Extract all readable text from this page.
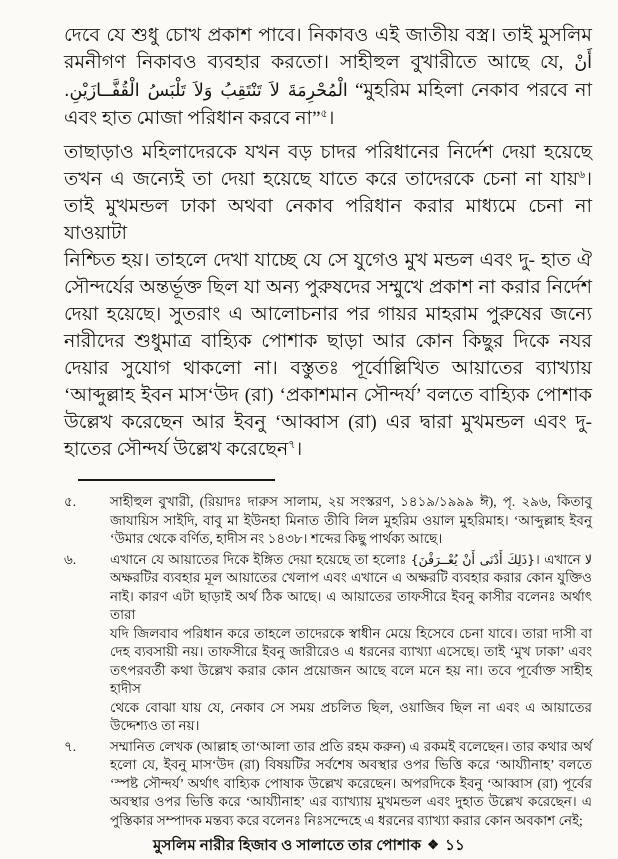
দেবে যে শুধু চোখ প্রকাশ পাবে। নিকাবও এই জাতীয় বস্ত্র। তাই মুসলিম
রমনীগণ নিকাবও ব্যবহার করতো। সাহীহুল বুখারীতে আছে যে, أَنْ
الْمُحْرِمَةَ لاَ تَنْتَقِبُ وَلاَ تَلْبَسُ الْقُفَّــازَيْنِ. “মুহরিম মহিলা নেকাব পরবে না
এবং হাত মোজা পরিধান করবে না”$^৫$।
তাছাড়াও মহিলাদেরকে যখন বড় চাদর পরিধানের নির্দেশ দেয়া হয়েছে
তখন এ জন্যেই তা দেয়া হয়েছে যাতে করে তাদেরকে চেনা না যায়$^৬$।
তাই মুখমন্ডল ঢাকা অথবা নেকাব পরিধান করার মাধ্যমে চেনা না যাওয়াটা
নিশ্চিত হয়। তাহলে দেখা যাচ্ছে যে সে যুগেও মুখ মন্ডল এবং দু- হাত ঐ
সৌন্দর্যের অন্তর্ভূক্ত ছিল যা অন্য পুরুষদের সম্মুখে প্রকাশ না করার নির্দেশ
দেয়া হয়েছে। সুতরাং এ আলোচনার পর গায়র মাহরাম পুরুষের জন্যে
নারীদের শুধুমাত্র বাহ্যিক পোশাক ছাড়া আর কোন কিছুর দিকে নযর
দেয়ার সুযোগ থাকলো না। বস্তুতঃ পূর্বোল্লিখিত আয়াতের ব্যাখ্যায়
‘আব্দুল্লাহ ইবন মাস‘উদ (রা) ‘প্রকাশমান সৌন্দর্য’ বলতে বাহ্যিক পোশাক
উল্লেখ করেছেন আর ইবনু ‘আব্বাস (রা) এর দ্বারা মুখমন্ডল এবং দু-
হাতের সৌন্দর্য উল্লেখ করেছেন$^৭$।
৫.	সাহীহুল বুখারী, (রিয়াদঃ দারুস সালাম, ২য় সংস্করণ, ১৪১৯/১৯৯৯ ঈ), পৃ. ২৯৬, কিতাবু
জাযায়িস সাইদি, বাবু মা ইউনহা মিনাত তীবি লিল মুহরিম ওয়াল মুহরিমাহ। ‘আব্দুল্লাহ ইবনু
‘উমার থেকে বর্ণিত, হাদীস নং ১৪৩৮। শব্দের কিছু পার্থক্য আছে।
৬.	এখানে যে আয়াতের দিকে ইঙ্গিত দেয়া হয়েছে তা হলোঃ {ذَلِكَ أَدْنَى أَنْ يُعْــرَفْنَ}। এখানে لا
অক্ষরটির ব্যবহার মূল আয়াতের খেলাপ এবং এখানে এ অক্ষরটি ব্যবহার করার কোন যুক্তিও
নাই। কারণ এটা ছাড়াই অর্থ ঠিক আছে। এ আয়াতের তাফসীরে ইবনু কাসীর বলেনঃ অর্থাৎ তারা
যদি জিলবাব পরিধান করে তাহলে তাদেরকে স্বাধীন মেয়ে হিসেবে চেনা যাবে। তারা দাসী বা
দেহ ব্যবসায়ী নয়। তাফসীরে ইবনু জারীরেও এ ধরনের ব্যাখ্যা এসেছে। তাই ‘মুখ ঢাকা’ এবং
তৎপরবর্তী কথা উল্লেখ করার কোন প্রয়োজন আছে বলে মনে হয় না। তবে পূর্বোক্ত সাহীহ হাদীস
থেকে বোঝা যায় যে, নেকাব সে সময় প্রচলিত ছিল, ওয়াজিব ছিল না এবং এ আয়াতের
উদ্দেশ্যও তা নয়।
৭.	সম্মানিত লেখক (আল্লাহ তা‘আলা তার প্রতি রহম করুন) এ রকমই বলেছেন। তার কথার অর্থ
হলো যে, ইবনু মাস‘উদ (রা) বিষয়টির সর্বশেষ অবস্থার ওপর ভিত্তি করে ‘আয্যীনাহ’ বলতে
‘স্পষ্ট সৌন্দর্য’ অর্থাৎ বাহ্যিক পোষাক উল্লেখ করেছেন। অপরদিকে ইবনু ‘আব্বাস (রা) পূর্বের
অবস্থার ওপর ভিত্তি করে ‘আয্যীনাহ’ এর ব্যাখ্যায় মুখমন্ডল এবং দুহাত উল্লেখ করেছেন। এ
পুস্তিকার সম্পাদক মন্তব্য করে বলেনঃ নিঃসন্দেহে এ ধরনের ব্যাখ্যা করার কোন অবকাশ নেই;
মুসলিম নারীর হিজাব ও সালাতে তার পোশাক ❖ ১১
